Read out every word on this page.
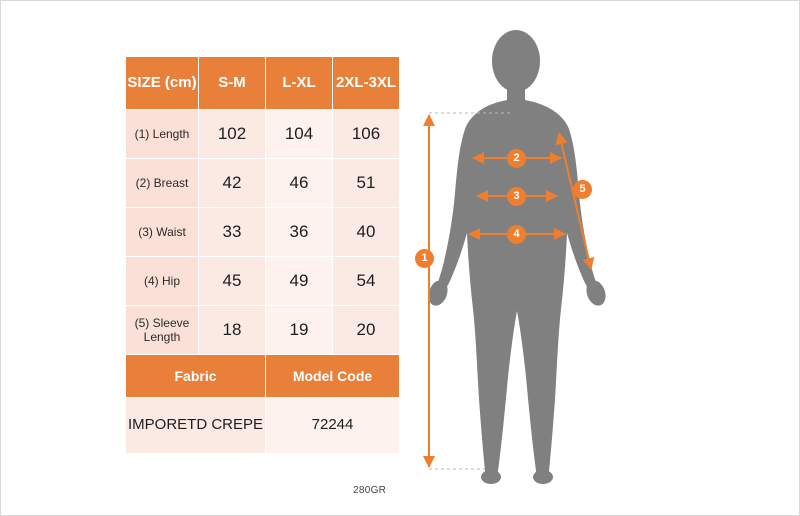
SIZE (cm)	S-M	L-XL	2XL-3XL
(1) Length	102	104	106
(2) Breast	42	46	51
(3) Waist	33	36	40
(4) Hip	45	49	54
(5) Sleeve Length	18	19	20
Fabric		Model Code	
IMPORETD CREPE		72244	
280GR
1
2
3
4
5
